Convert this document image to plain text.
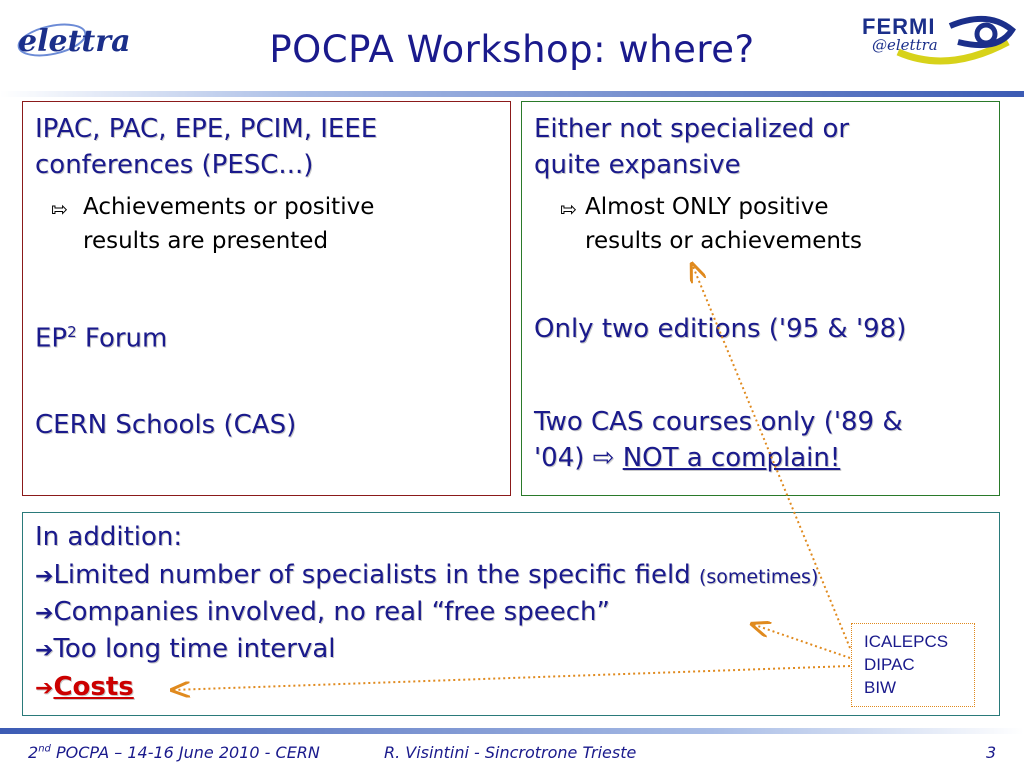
elettra	POCPA Workshop: where?
FERMI
@elettra
IPAC, PAC, EPE, PCIM, IEEE
conferences (PESC...)
⇰ Achievements or positive
results are presented
$EP^2$ Forum
CERN Schools (CAS)
Either not specialized or
quite expansive
⇰ Almost ONLY positive
results or achievements
Only two editions ('95 & '98)
Two CAS courses only ('89 &
'04) ⇨ NOT a complain!
In addition:
➔Limited number of specialists in the specific field (sometimes)
➔Companies involved, no real “free speech”
➔Too long time interval
➔Costs
ICALEPCS
DIPAC
BIW
2nd POCPA – 14-16 June 2010 - CERN	R. Visintini - Sincrotrone Trieste	3
